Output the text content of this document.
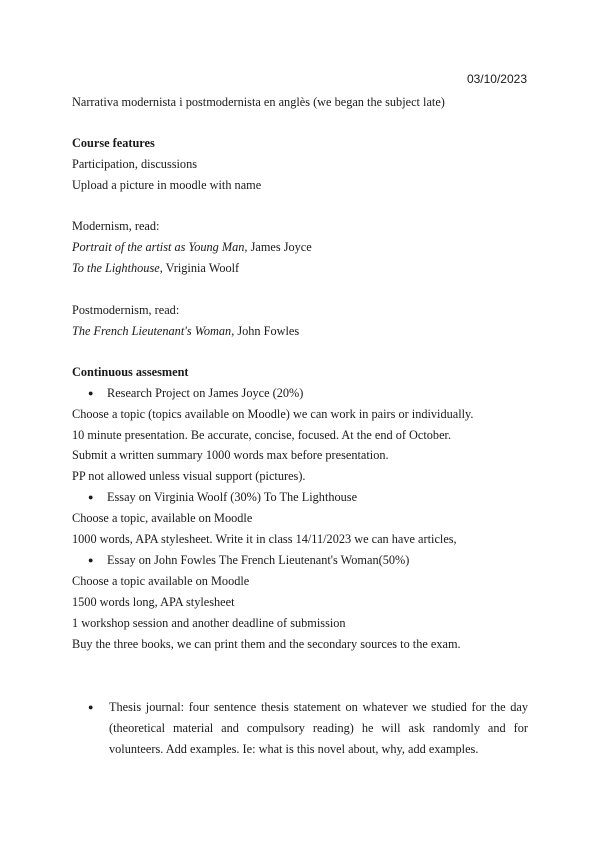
03/10/2023
Narrativa modernista i postmodernista en anglès (we began the subject late)
Course features
Participation, discussions
Upload a picture in moodle with name
Modernism, read:
Portrait of the artist as Young Man, James Joyce
To the Lighthouse, Vriginia Woolf
Postmodernism, read:
The French Lieutenant's Woman, John Fowles
Continuous assesment
● Research Project on James Joyce (20%)
Choose a topic (topics available on Moodle) we can work in pairs or individually.
10 minute presentation. Be accurate, concise, focused. At the end of October.
Submit a written summary 1000 words max before presentation.
PP not allowed unless visual support (pictures).
● Essay on Virginia Woolf (30%) To The Lighthouse
Choose a topic, available on Moodle
1000 words, APA stylesheet. Write it in class 14/11/2023 we can have articles,
● Essay on John Fowles The French Lieutenant's Woman(50%)
Choose a topic available on Moodle
1500 words long, APA stylesheet
1 workshop session and another deadline of submission
Buy the three books, we can print them and the secondary sources to the exam.
●	Thesis journal: four sentence thesis statement on whatever we studied for the day (theoretical material and compulsory reading) he will ask randomly and for volunteers. Add examples. Ie: what is this novel about, why, add examples.
